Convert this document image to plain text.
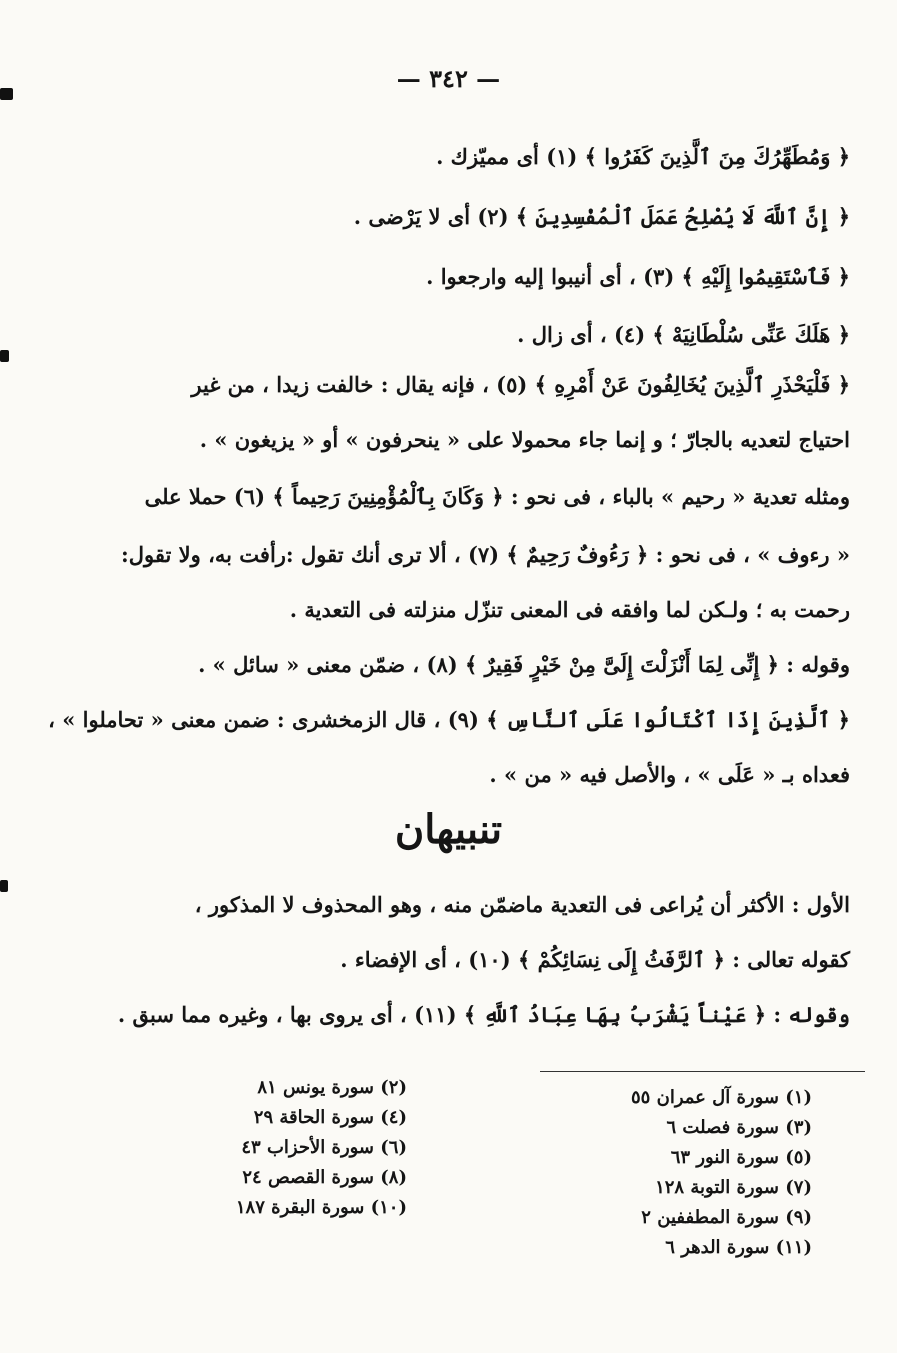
— ٣٤٢ —
﴿ وَمُطَهِّرُكَ مِنَ ٱلَّذِينَ كَفَرُوا ﴾ (١) أى مميّزك .
﴿ إِنَّ ٱللَّهَ لَا يُصْلِحُ عَمَلَ ٱلْمُفْسِدِينَ ﴾ (٢) أى لا يَرْضى .
﴿ فَٱسْتَقِيمُوا إِلَيْهِ ﴾ (٣) ، أى أنيبوا إليه وارجعوا .
﴿ هَلَكَ عَنِّى سُلْطَانِيَهْ ﴾ (٤) ، أى زال .
﴿ فَلْيَحْذَرِ ٱلَّذِينَ يُخَالِفُونَ عَنْ أَمْرِهِ ﴾ (٥) ، فإنه يقال : خالفت زيدا ، من غير
احتياج لتعديه بالجارّ ؛ و إنما جاء محمولا على « ينحرفون » أو « يزيغون » .
ومثله تعدية « رحيم » بالباء ، فى نحو : ﴿ وَكَانَ بِٱلْمُؤْمِنِينَ رَحِيماً ﴾ (٦) حملا على
« رءوف » ، فى نحو : ﴿ رَءُوفٌ رَحِيمٌ ﴾ (٧) ، ألا ترى أنك تقول :رأفت به، ولا تقول:
رحمت به ؛ ولـكن لما وافقه فى المعنى تنزّل منزلته فى التعدية .
وقوله : ﴿ إِنِّى لِمَا أَنْزَلْتَ إِلَىَّ مِنْ خَيْرٍ فَقِيرٌ ﴾ (٨) ، ضمّن معنى « سائل » .
﴿ ٱلَّذِينَ إِذَا ٱكْتَالُوا عَلَى ٱلنَّاسِ ﴾ (٩) ، قال الزمخشرى : ضمن معنى « تحاملوا » ،
فعداه بـ « عَلَى » ، والأصل فيه « من » .
تنبيهان
الأول : الأكثر أن يُراعى فى التعدية ماضمّن منه ، وهو المحذوف لا المذكور ،
كقوله تعالى : ﴿ ٱلرَّفَثُ إِلَى نِسَائِكُمْ ﴾ (١٠) ، أى الإفضاء .
وقوله : ﴿ عَيْناً يَشْرَبُ بِهَا عِبَادُ ٱللَّهِ ﴾ (١١) ، أى يروى بها ، وغيره مما سبق .
(١) سورة آل عمران ٥٥
(٣) سورة فصلت ٦
(٥) سورة النور ٦٣
(٧) سورة التوبة ١٢٨
(٩) سورة المطففين ٢
(١١) سورة الدهر ٦
(٢) سورة يونس ٨١
(٤) سورة الحاقة ٢٩
(٦) سورة الأحزاب ٤٣
(٨) سورة القصص ٢٤
(١٠) سورة البقرة ١٨٧
